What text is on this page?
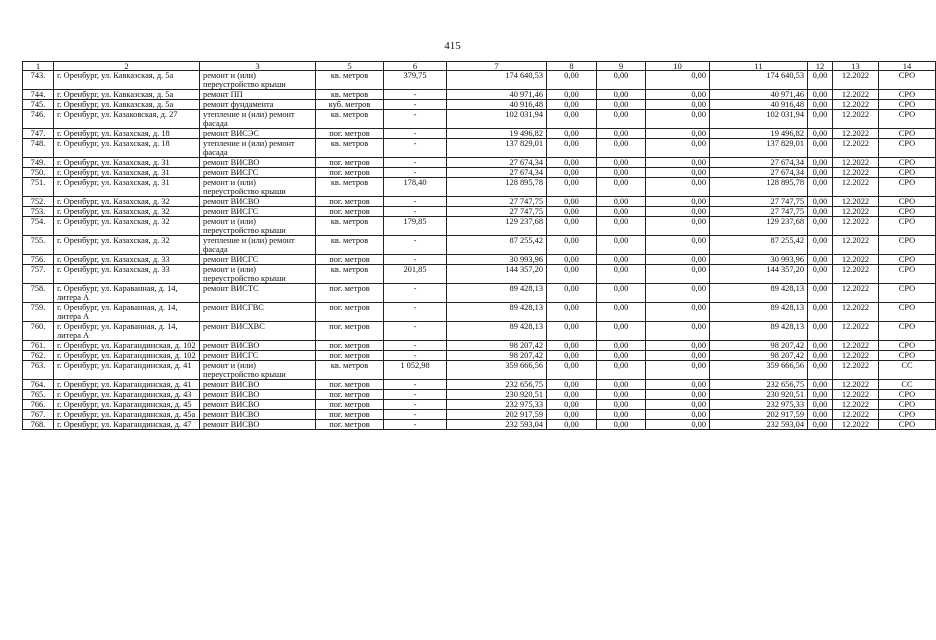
415
1	2	3	5	6	7	8	9	10	11	12	13	14
743.	г. Оренбург, ул. Кавказская, д. 5а	ремонт и (или) переустройство крыши	кв. метров	379,75	174 640,53	0,00	0,00	0,00	174 640,53	0,00	12.2022	СРО
744.	г. Оренбург, ул. Кавказская, д. 5а	ремонт ПП	кв. метров	-	40 971,46	0,00	0,00	0,00	40 971,46	0,00	12.2022	СРО
745.	г. Оренбург, ул. Кавказская, д. 5а	ремонт фундамента	куб. метров	-	40 916,48	0,00	0,00	0,00	40 916,48	0,00	12.2022	СРО
746.	г. Оренбург, ул. Казаковская, д. 27	утепление и (или) ремонт фасада	кв. метров	-	102 031,94	0,00	0,00	0,00	102 031,94	0,00	12.2022	СРО
747.	г. Оренбург, ул. Казахская, д. 18	ремонт ВИСЭС	пог. метров	-	19 496,82	0,00	0,00	0,00	19 496,82	0,00	12.2022	СРО
748.	г. Оренбург, ул. Казахская, д. 18	утепление и (или) ремонт фасада	кв. метров	-	137 829,01	0,00	0,00	0,00	137 829,01	0,00	12.2022	СРО
749.	г. Оренбург, ул. Казахская, д. 31	ремонт ВИСВО	пог. метров	-	27 674,34	0,00	0,00	0,00	27 674,34	0,00	12.2022	СРО
750.	г. Оренбург, ул. Казахская, д. 31	ремонт ВИСГС	пог. метров	-	27 674,34	0,00	0,00	0,00	27 674,34	0,00	12.2022	СРО
751.	г. Оренбург, ул. Казахская, д. 31	ремонт и (или) переустройство крыши	кв. метров	178,40	128 895,78	0,00	0,00	0,00	128 895,78	0,00	12.2022	СРО
752.	г. Оренбург, ул. Казахская, д. 32	ремонт ВИСВО	пог. метров	-	27 747,75	0,00	0,00	0,00	27 747,75	0,00	12.2022	СРО
753.	г. Оренбург, ул. Казахская, д. 32	ремонт ВИСГС	пог. метров	-	27 747,75	0,00	0,00	0,00	27 747,75	0,00	12.2022	СРО
754.	г. Оренбург, ул. Казахская, д. 32	ремонт и (или) переустройство крыши	кв. метров	179,85	129 237,68	0,00	0,00	0,00	129 237,68	0,00	12.2022	СРО
755.	г. Оренбург, ул. Казахская, д. 32	утепление и (или) ремонт фасада	кв. метров	-	87 255,42	0,00	0,00	0,00	87 255,42	0,00	12.2022	СРО
756.	г. Оренбург, ул. Казахская, д. 33	ремонт ВИСГС	пог. метров	-	30 993,96	0,00	0,00	0,00	30 993,96	0,00	12.2022	СРО
757.	г. Оренбург, ул. Казахская, д. 33	ремонт и (или) переустройство крыши	кв. метров	201,85	144 357,20	0,00	0,00	0,00	144 357,20	0,00	12.2022	СРО
758.	г. Оренбург, ул. Караванная, д. 14, литера А	ремонт ВИСТС	пог. метров	-	89 428,13	0,00	0,00	0,00	89 428,13	0,00	12.2022	СРО
759.	г. Оренбург, ул. Караванная, д. 14, литера А	ремонт ВИСГВС	пог. метров	-	89 428,13	0,00	0,00	0,00	89 428,13	0,00	12.2022	СРО
760.	г. Оренбург, ул. Караванная, д. 14, литера А	ремонт ВИСХВС	пог. метров	-	89 428,13	0,00	0,00	0,00	89 428,13	0,00	12.2022	СРО
761.	г. Оренбург, ул. Карагандинская, д. 102	ремонт ВИСВО	пог. метров	-	98 207,42	0,00	0,00	0,00	98 207,42	0,00	12.2022	СРО
762.	г. Оренбург, ул. Карагандинская, д. 102	ремонт ВИСГС	пог. метров	-	98 207,42	0,00	0,00	0,00	98 207,42	0,00	12.2022	СРО
763.	г. Оренбург, ул. Карагандинская, д. 41	ремонт и (или) переустройство крыши	кв. метров	1 052,98	359 666,56	0,00	0,00	0,00	359 666,56	0,00	12.2022	СС
764.	г. Оренбург, ул. Карагандинская, д. 41	ремонт ВИСВО	пог. метров	-	232 656,75	0,00	0,00	0,00	232 656,75	0,00	12.2022	СС
765.	г. Оренбург, ул. Карагандинская, д. 43	ремонт ВИСВО	пог. метров	-	230 920,51	0,00	0,00	0,00	230 920,51	0,00	12.2022	СРО
766.	г. Оренбург, ул. Карагандинская, д. 45	ремонт ВИСВО	пог. метров	-	232 975,33	0,00	0,00	0,00	232 975,33	0,00	12.2022	СРО
767.	г. Оренбург, ул. Карагандинская, д. 45а	ремонт ВИСВО	пог. метров	-	202 917,59	0,00	0,00	0,00	202 917,59	0,00	12.2022	СРО
768.	г. Оренбург, ул. Карагандинская, д. 47	ремонт ВИСВО	пог. метров	-	232 593,04	0,00	0,00	0,00	232 593,04	0,00	12.2022	СРО
